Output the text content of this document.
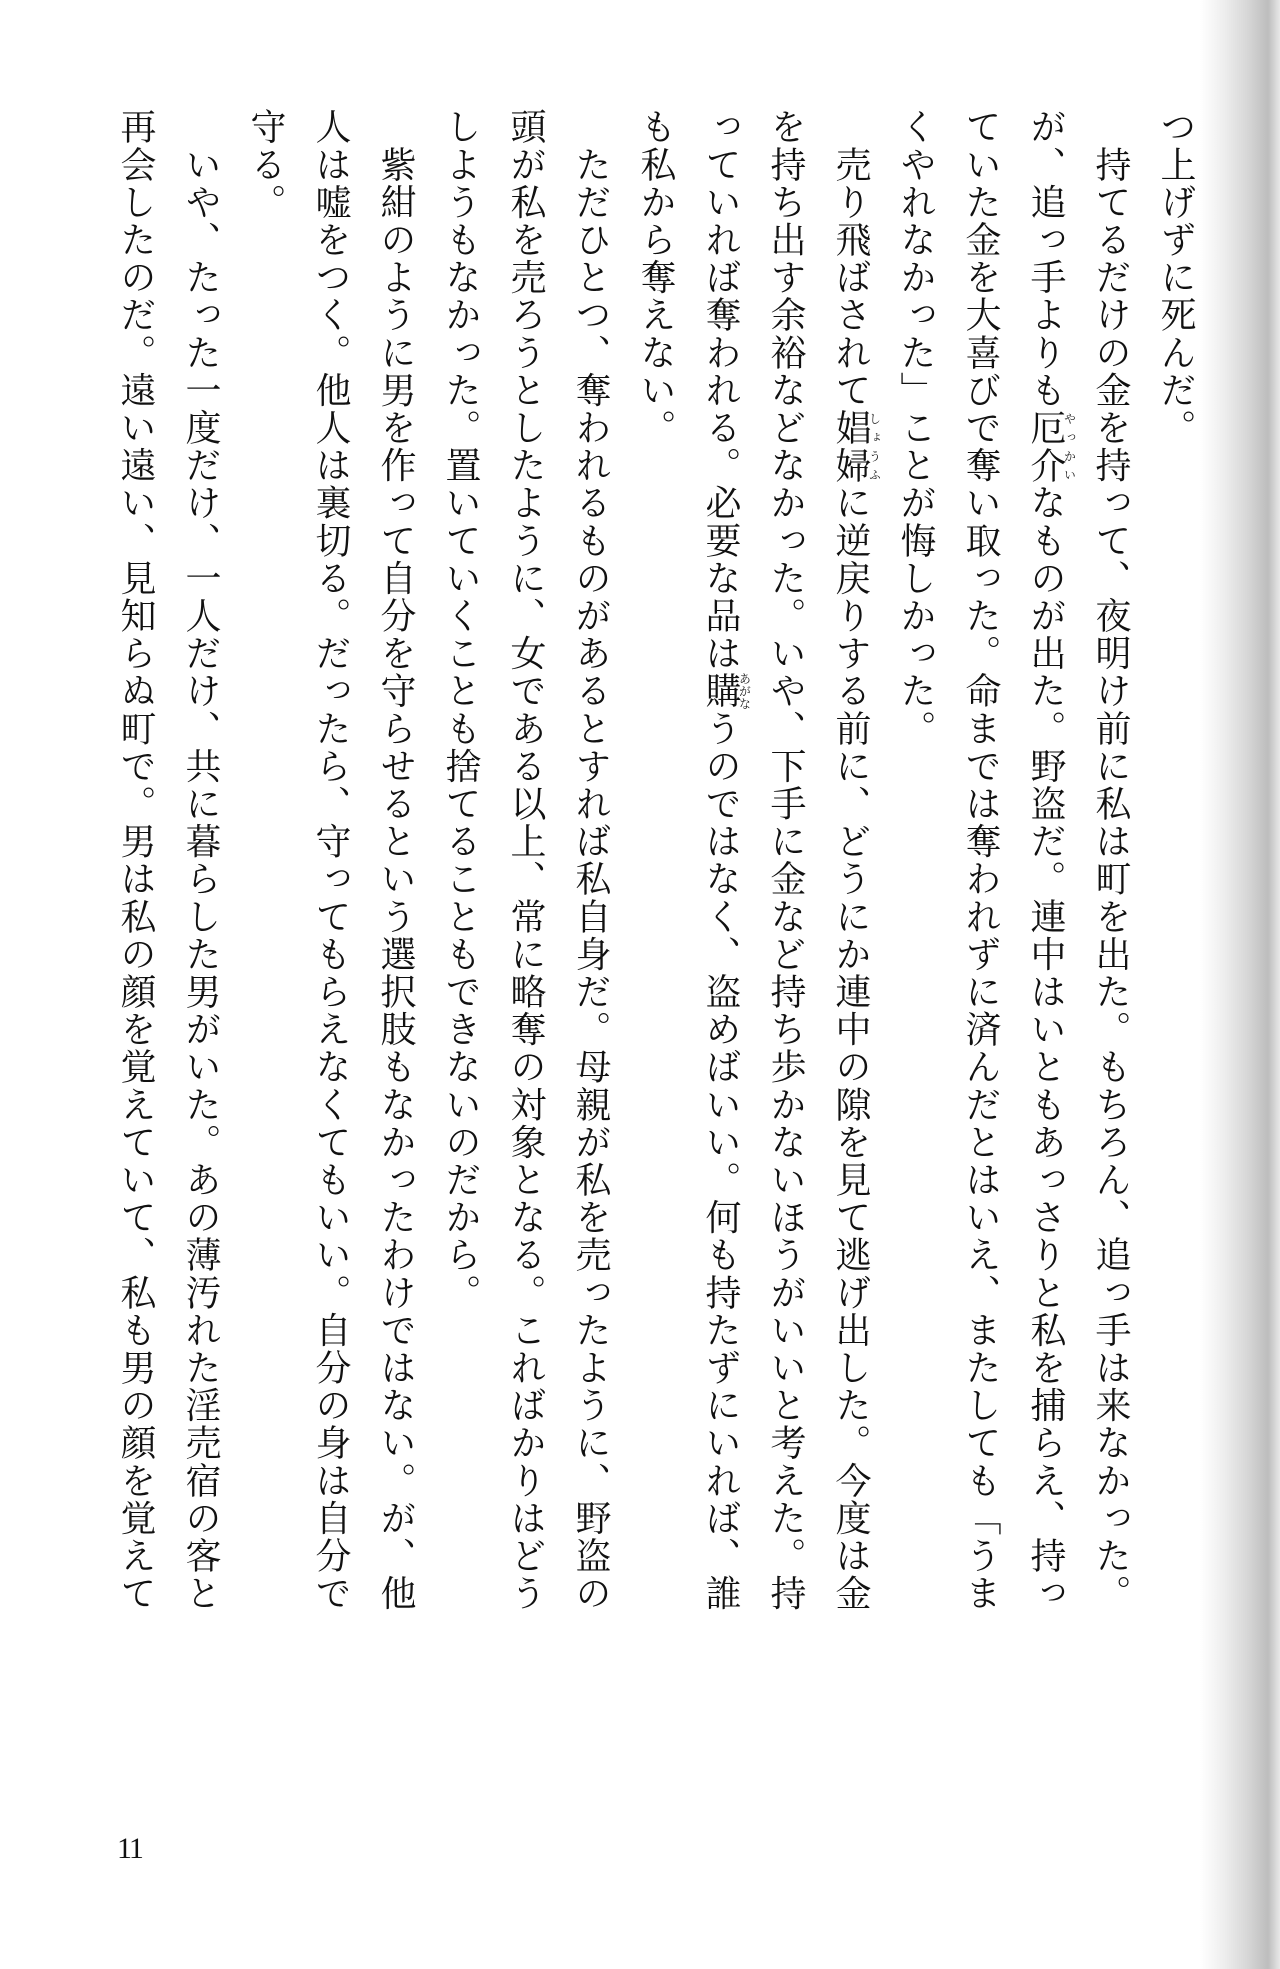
つ上げずに死んだ。
　持てるだけの金を持って、夜明け前に私は町を出た。もちろん、追っ手は来なかった。
が、追っ手よりも厄介やっかいなものが出た。野盗だ。連中はいともあっさりと私を捕らえ、持っ
ていた金を大喜びで奪い取った。命までは奪われずに済んだとはいえ、またしても「うま
くやれなかった」ことが悔しかった。
　売り飛ばされて娼婦しょうふに逆戻りする前に、どうにか連中の隙を見て逃げ出した。今度は金
を持ち出す余裕などなかった。いや、下手に金など持ち歩かないほうがいいと考えた。持
っていれば奪われる。必要な品は購あがなうのではなく、盗めばいい。何も持たずにいれば、誰
も私から奪えない。
　ただひとつ、奪われるものがあるとすれば私自身だ。母親が私を売ったように、野盗の
頭が私を売ろうとしたように、女である以上、常に略奪の対象となる。こればかりはどう
しようもなかった。置いていくことも捨てることもできないのだから。
　紫紺のように男を作って自分を守らせるという選択肢もなかったわけではない。が、他
人は嘘をつく。他人は裏切る。だったら、守ってもらえなくてもいい。自分の身は自分で
守る。
　いや、たった一度だけ、一人だけ、共に暮らした男がいた。あの薄汚れた淫売宿の客と
再会したのだ。遠い遠い、見知らぬ町で。男は私の顔を覚えていて、私も男の顔を覚えて
11
